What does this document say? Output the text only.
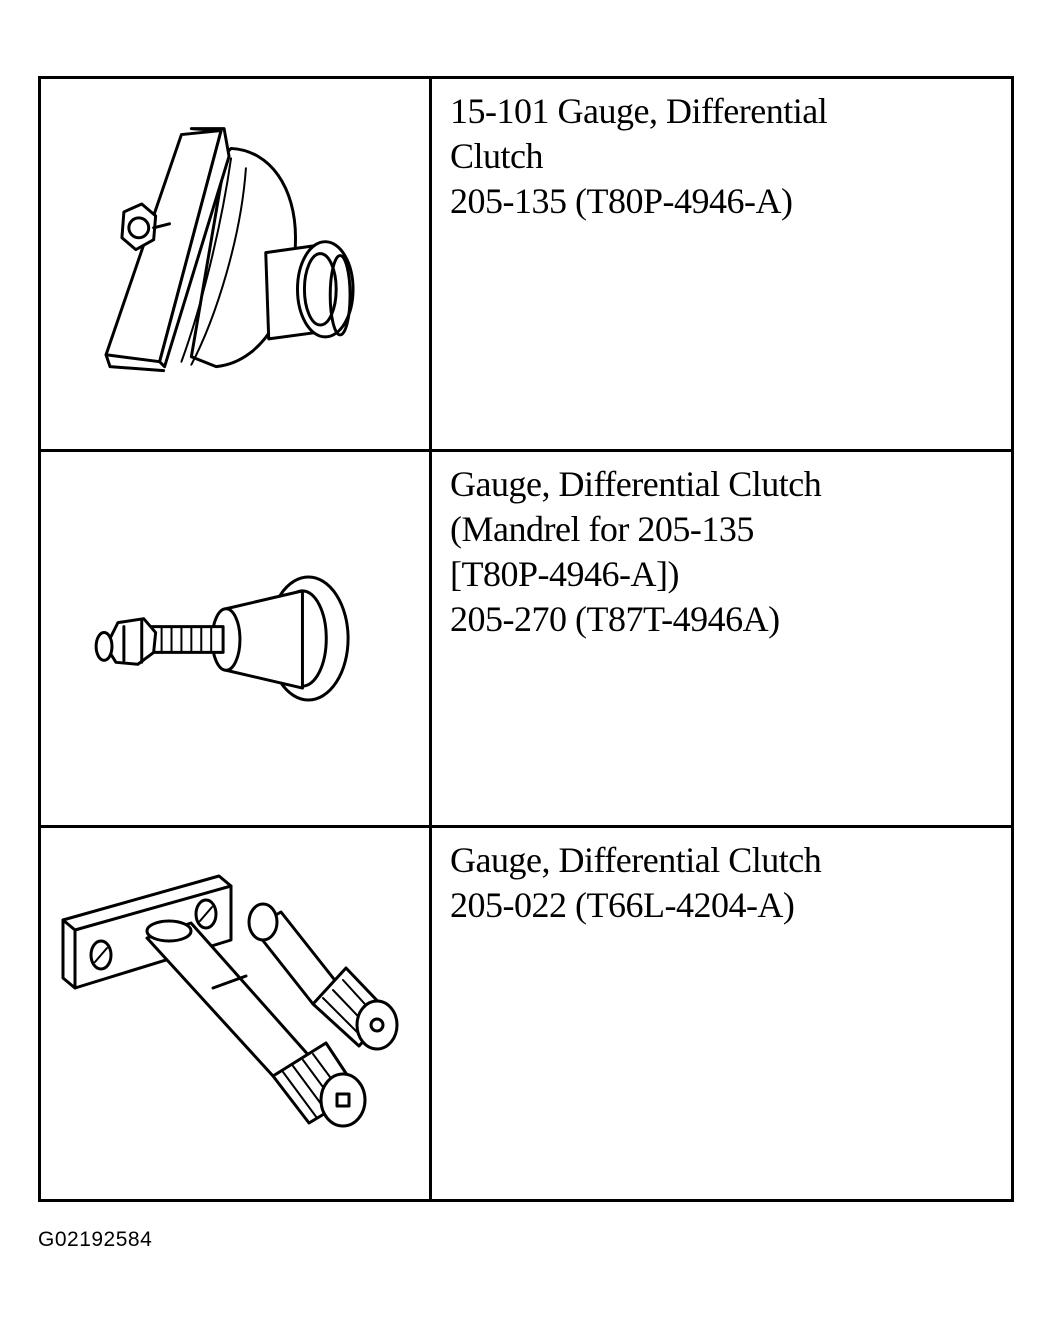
15-101 Gauge, Differential
Clutch
205-135 (T80P-4946-A)
Gauge, Differential Clutch
(Mandrel for 205-135
[T80P-4946-A])
205-270 (T87T-4946A)
Gauge, Differential Clutch
205-022 (T66L-4204-A)
G02192584
